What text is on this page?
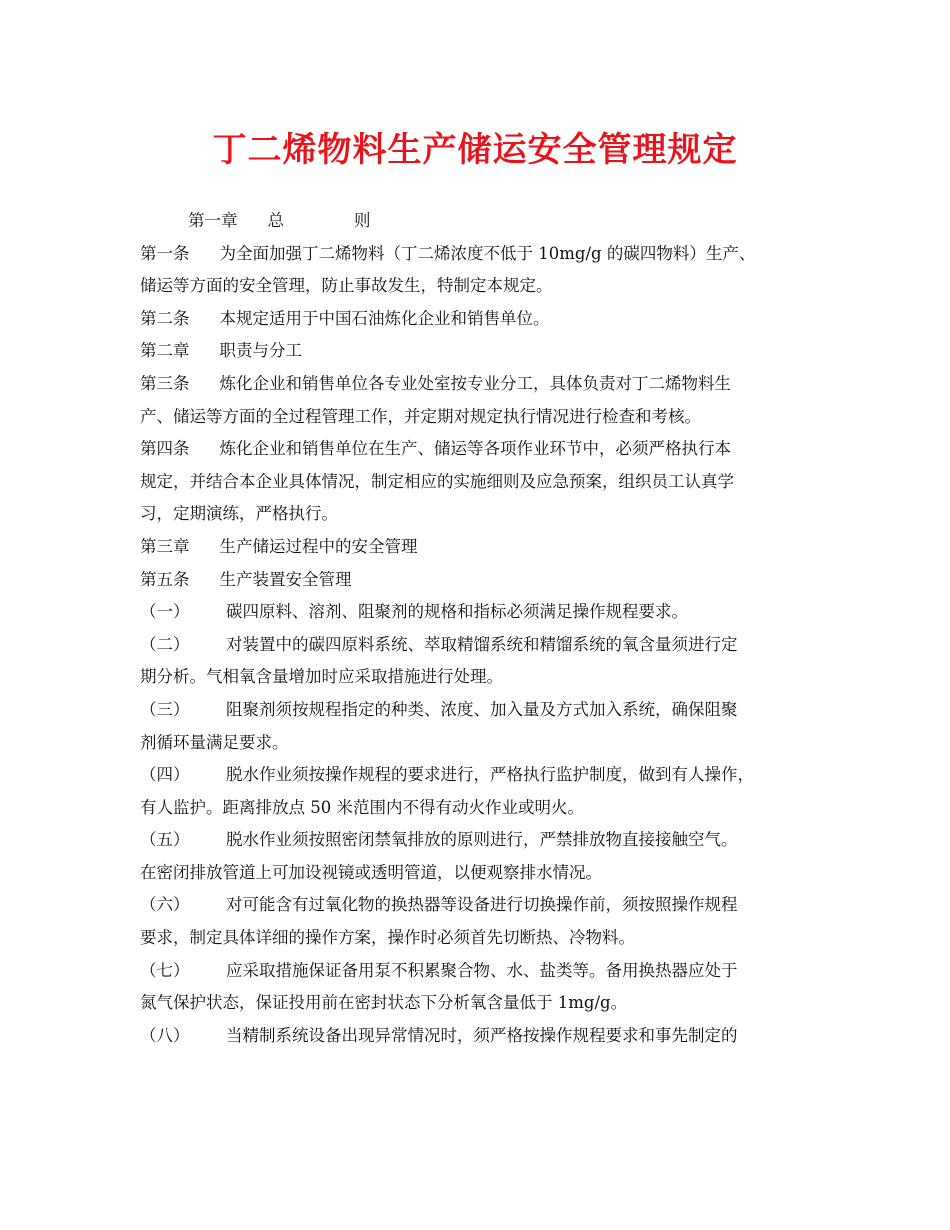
丁二烯物料生产储运安全管理规定
第一章 总	则
第一条 为全面加强丁二烯物料（丁二烯浓度不低于 10mg/g 的碳四物料）生产、
储运等方面的安全管理，防止事故发生，特制定本规定。
第二条 本规定适用于中国石油炼化企业和销售单位。
第二章 职责与分工
第三条 炼化企业和销售单位各专业处室按专业分工，具体负责对丁二烯物料生
产、储运等方面的全过程管理工作，并定期对规定执行情况进行检查和考核。
第四条 炼化企业和销售单位在生产、储运等各项作业环节中，必须严格执行本
规定，并结合本企业具体情况，制定相应的实施细则及应急预案，组织员工认真学
习，定期演练，严格执行。
第三章 生产储运过程中的安全管理
第五条 生产装置安全管理
（一） 碳四原料、溶剂、阻聚剂的规格和指标必须满足操作规程要求。
（二） 对装置中的碳四原料系统、萃取精馏系统和精馏系统的氧含量须进行定
期分析。气相氧含量增加时应采取措施进行处理。
（三） 阻聚剂须按规程指定的种类、浓度、加入量及方式加入系统，确保阻聚
剂循环量满足要求。
（四） 脱水作业须按操作规程的要求进行，严格执行监护制度，做到有人操作，
有人监护。距离排放点 50 米范围内不得有动火作业或明火。
（五） 脱水作业须按照密闭禁氧排放的原则进行，严禁排放物直接接触空气。
在密闭排放管道上可加设视镜或透明管道，以便观察排水情况。
（六） 对可能含有过氧化物的换热器等设备进行切换操作前，须按照操作规程
要求，制定具体详细的操作方案，操作时必须首先切断热、冷物料。
（七） 应采取措施保证备用泵不积累聚合物、水、盐类等。备用换热器应处于
氮气保护状态，保证投用前在密封状态下分析氧含量低于 1mg/g。
（八） 当精制系统设备出现异常情况时，须严格按操作规程要求和事先制定的
